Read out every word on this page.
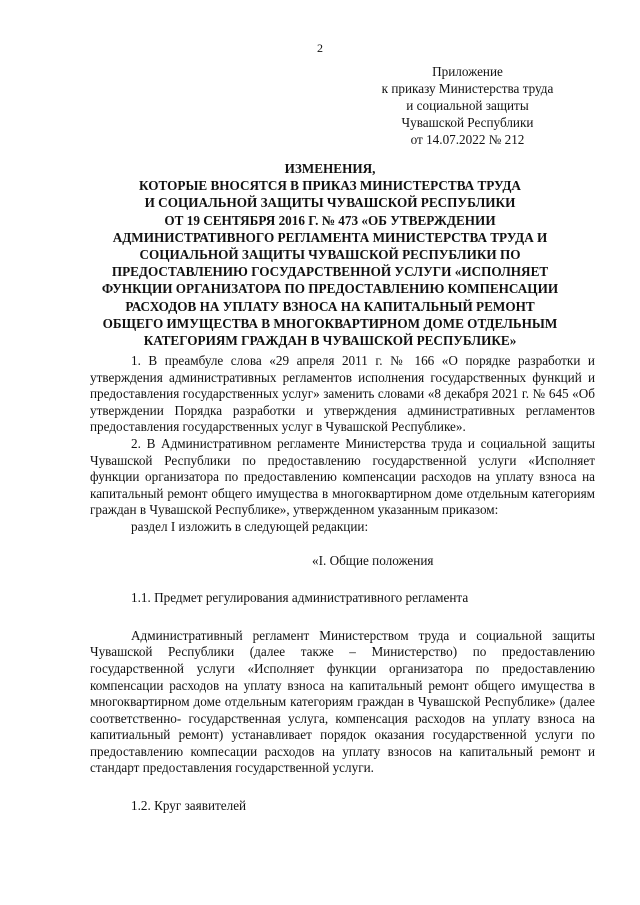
2
Приложение
к приказу Министерства труда
и социальной защиты
Чувашской Республики
от 14.07.2022 № 212
ИЗМЕНЕНИЯ,
КОТОРЫЕ ВНОСЯТСЯ В ПРИКАЗ МИНИСТЕРСТВА ТРУДА
И СОЦИАЛЬНОЙ ЗАЩИТЫ ЧУВАШСКОЙ РЕСПУБЛИКИ
ОТ 19 СЕНТЯБРЯ 2016 Г. № 473 «ОБ УТВЕРЖДЕНИИ
АДМИНИСТРАТИВНОГО РЕГЛАМЕНТА МИНИСТЕРСТВА ТРУДА И
СОЦИАЛЬНОЙ ЗАЩИТЫ ЧУВАШСКОЙ РЕСПУБЛИКИ ПО
ПРЕДОСТАВЛЕНИЮ ГОСУДАРСТВЕННОЙ УСЛУГИ «ИСПОЛНЯЕТ
ФУНКЦИИ ОРГАНИЗАТОРА ПО ПРЕДОСТАВЛЕНИЮ КОМПЕНСАЦИИ
РАСХОДОВ НА УПЛАТУ ВЗНОСА НА КАПИТАЛЬНЫЙ РЕМОНТ
ОБЩЕГО ИМУЩЕСТВА В МНОГОКВАРТИРНОМ ДОМЕ ОТДЕЛЬНЫМ
КАТЕГОРИЯМ ГРАЖДАН В ЧУВАШСКОЙ РЕСПУБЛИКЕ»

1. В преамбуле слова «29 апреля 2011 г. № 166 «О порядке разработки и утверждения административных регламентов исполнения государственных функций и предоставления государственных услуг» заменить словами «8 декабря 2021 г. № 645 «Об утверждении Порядка разработки и утверждения административных регламентов предоставления государственных услуг в Чувашской Республике».

2. В Административном регламенте Министерства труда и социальной защиты Чувашской Республики по предоставлению государственной услуги «Исполняет функции организатора по предоставлению компенсации расходов на уплату взноса на капитальный ремонт общего имущества в многоквартирном доме отдельным категориям граждан в Чувашской Республике», утвержденном указанным приказом:

раздел I изложить в следующей редакции:

«I. Общие положения

1.1. Предмет регулирования административного регламента

Административный регламент Министерством труда и социальной защиты Чувашской Республики (далее также – Министерство) по предоставлению государственной услуги «Исполняет функции организатора по предоставлению компенсации расходов на уплату взноса на капитальный ремонт общего имущества в многоквартирном доме отдельным категориям граждан в Чувашской Республике» (далее соответственно- государственная услуга, компенсация расходов на уплату взноса на капитиальный ремонт) устанавливает порядок оказания государственной услуги по предоставлению компесации расходов на уплату взносов на капитальный ремонт и стандарт предоставления государственной услуги.

1.2. Круг заявителей
